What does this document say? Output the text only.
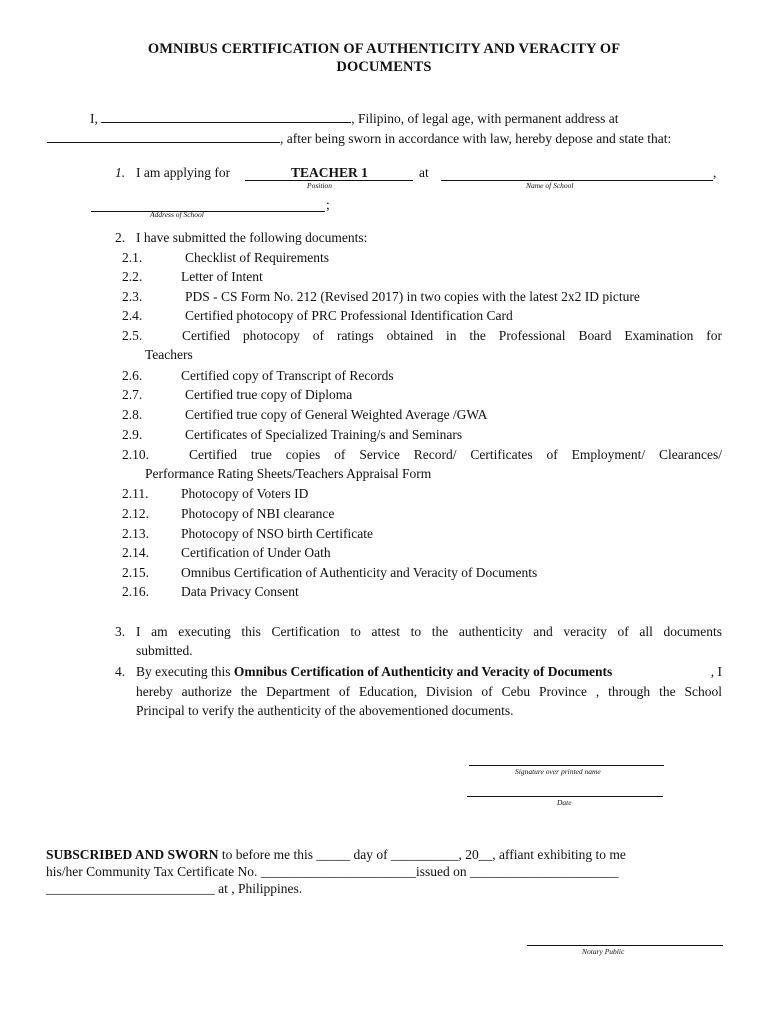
OMNIBUS CERTIFICATION OF AUTHENTICITY AND VERACITY OF
DOCUMENTS
I,	, Filipino, of legal age, with permanent address at
, after being sworn in accordance with law, hereby depose and state that:
1. I am applying for	TEACHER 1	at	,
Position	Name of School
;
Address of School
2. I have submitted the following documents:
2.1.	Checklist of Requirements
2.2.	Letter of Intent
2.3.	PDS - CS Form No. 212 (Revised 2017) in two copies with the latest 2x2 ID picture
2.4.	Certified photocopy of PRC Professional Identification Card
2.5.	Certified photocopy of ratings obtained in the Professional Board Examination for
Teachers
2.6.	Certified copy of Transcript of Records
2.7.	Certified true copy of Diploma
2.8.	Certified true copy of General Weighted Average /GWA
2.9.	Certificates of Specialized Training/s and Seminars
2.10.	Certified true copies of Service Record/ Certificates of Employment/ Clearances/
Performance Rating Sheets/Teachers Appraisal Form
2.11. Photocopy of Voters ID
2.12. Photocopy of NBI clearance
2.13. Photocopy of NSO birth Certificate
2.14. Certification of Under Oath
2.15. Omnibus Certification of Authenticity and Veracity of Documents
2.16. Data Privacy Consent
3. I am executing this Certification to attest to the authenticity and veracity of all documents
submitted.
4. By executing this Omnibus Certification of Authenticity and Veracity of Documents	, I
hereby authorize the Department of Education, Division of Cebu Province , through the School
Principal to verify the authenticity of the abovementioned documents.
Signature over printed name
Date
SUBSCRIBED AND SWORN to before me this _____ day of __________, 20__, affiant exhibiting to me
his/her Community Tax Certificate No. _______________________issued on ______________________
_________________________ at , Philippines.
Notary Public
